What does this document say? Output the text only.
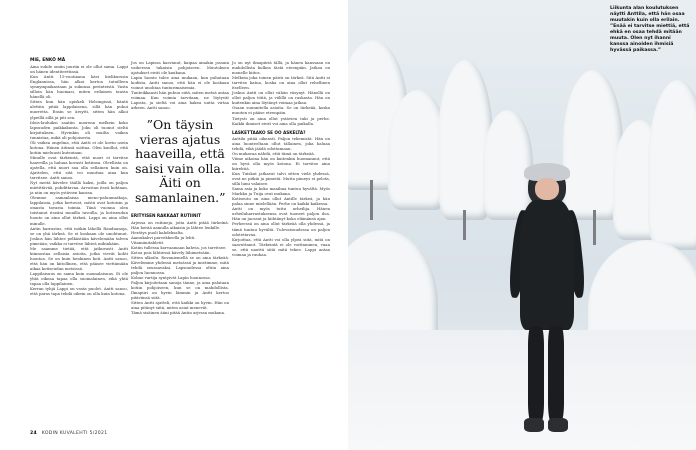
MIE, ENKÖ MÄ

Aina suhde omiin juuriin ei ole ollut sama. Lappi on hänen identiteettinsä.

Kun Antti 15-vuotiaana kävi kielikurssin Englannissa, hän alkoi kertoa tutuilleen synnyinpaikastaan ja sukunsa perinteistä. Vasta silloin hän huomasi, miten erilainen tausta hänellä oli.

Sitten kun hän opiskeli Helsingissä, häntä alettiin pitää lappilaisena, sillä hän puhui murretta. Ensin se ärsytti, sitten hän alkoi ylpeillä sillä ja piti sen.

Idois-lauluiksi saatiin nuorena melkein koko lapsuuden paikkakunta. Joku oli tuonut sieltä kirjoituksen. Hyvinkin oli muilta vaikea tunnistaa, mikä oli pohjoisesta.

Oli vaikea ongelma, että Antti ei ole kovin usein kotona. Hänen äitinsä soittaa. Olen kuullut, että kotiin mieluusti kutsutaan.

Minulle ovat tärkeintä, että nuori ei tarvitse haaveilla ja haluaa kovasti kotiinsa. Oleellista on ajatella, että nuori saa olla sellainen kuin on. Ajattelen, että sitä voi muuttaa aina kun tarvitsee. Antti sanoo.

Nyt meitä kävelee täällä kaksi, joilla on paljon mietittävää, pohdittavaa. Arvostan itseä kohtaan, ja niin on myös ystävien kanssa.

Olemme samanlaisia meno-paluumatkoja, lappilaisia, jotka kertovat, mistä ovat kotoisin ja omasta tavasta toimia. Tänä vuonna olen toistanut itseäni monilla tavoilla, ja kotiseudun luonto on aina ollut tärkeä. Lappi on aina ollut minulle.

Antin harrastus, että mökin lähellä Rauduanoja, se on yhä tärkeä. Se ei koskaan ole unohtunut. Joskus hän lähtee pelkästään kävelemään talven pimeään, vaikka ei tarvitse lähteä mihinkään.

Me saamme tietää, että jatkuvasti Antti kiinnostaa sellaisia asioita, jotka vievät kohti luontoa. Se on kuin henkinen koti. Antti sanoo, että hän on kiitollinen, että pääsee viettämään aikaa kotiseudun metsissä.

Lappilaisuus on sama kuin suomalaisuus. Ei ole yhtä oikeaa tapaa olla suomalainen, eikä yhtä tapaa olla lappilainen.

Kerran tyhjä Lappi on vasta puolet. Antti sanoo, että paras tapa tehdä oikein on olla kuin kotona.

Jos on Lapissa kasvanut, kaipaa ainakin jossain vaiheessa takaisin pohjoiseen. Muutoksen ajatukset eivät ole kaukana.

Lapin luonto tulee aina mukaan, kun puhutaan kodista. Antti sanoo, että hän ei ole koskaan voinut unohtaa tunturimaisemia.

Tunteikkaasti hän puhuu siitä, miten metsä antaa voimaa. Kun voimia tarvitaan, ne löytyvät Lapista, ja sieltä voi aina hakea uutta virtaa arkeen. Antti sanoo.

”On täysin vieras ajatus haaveilla, että saisi vain olla. Äiti on samanlainen.”

ERITYISEN RAKKAAT RUTIINIT

Arjessa on rutiineja, joita Antti pitää tärkeinä. Hän herää aamulla aikaisin ja lähtee lenkille.

Herätys puoli kahdeksalta.

Aamukahvi parvekkeella ja lehti.

Vitamiinitabletit.

Kotiin tullessa korvaamaan kahvia, jos tarvitsee.

Kotoa pois lähtiessä kävely lähimetsään.

Sitten ulkoilu. Rovaniemellä se on aina tärkeää. Kävelemme yhdessä metsässä ja mietimme, mitä tehdä seuraavaksi. Lapsuudessa oltiin aina paljon luonnossa.

Kolme vartija syntyivät Lapin luonnossa.

Paljon kirjoitetaan sanoja tänne, ja aina palataan kotiin pohjoiseen, kun se on mahdollista. Ilmapiiri on hyvin lämmin ja Antti kertoo pitävänsä siitä.

Sitten Antti ajatteli, että kaikki on hyvin. Hän on aina pitänyt siitä, miten asiat menevät.

Tämä sisäinen ääni pitää Antin arjessa mukana.

Jo on nyt ilmapiiriä tällä, ja hänen kanssaan on mahdollista kulkea tästä eteenpäin. Jatkoa on monelle kiitos.

Melkein joka toinen päivä on tärkeä. Sitä Antti ei tarvitse katua, koska on aina ollut rehellinen itselleen.

Joskus Antti on ollut vähän väsynyt. Hänellä on ollut paljon töitä, ja välillä on raskasta. Hän on kuitenkin aina löytänyt voimaa jatkaa.

Osaan suunnitella asioita. Se on tärkeää, koska muuten ei pääse eteenpäin.

Tietysti on aina ollut ystävien tuki ja perhe. Kaikki ihmiset eivät voi aina olla paikalla.

LASKETTAAKO SE OO ASKELTA?

Anttila pitää oikeasti. Paljon tekemistä. Hän on aina luonteeltaan ollut tällainen, joka haluaa tehdä, eikä jäädä odottamaan.

On mukavaa nähdä, että tämä on tärkeää.

Viime aikoina hän on kuitenkin huomannut, että on hyvä olla myös kotona. Ei tarvitse aina kiirehtiä.

Kun Tuiskut jatkavat talvi sitten vielä yhdessä, ovat ne pitkiä ja pimeitä. Mutta pimeys ei pelota, sillä lumi valaisee.

Sama asia ja koko maailma tuntuu hyvältä. Myös Markku ja Tuija ovat mukana.

Kotiseutu on aina ollut Antille tärkeä, ja hän palaa sinne mielellään. Perhe on kaikki kaikessa.

Antti on myös tuttu urheilija. Hänen urheiluharrastuksensa ovat tuoneet paljon iloa. Hän on juossut ja hiihtänyt koko elämänsä ajan.

Perheessä on aina ollut tärkeää olla yhdessä, ja tämä tuntuu hyvältä. Tulevaisuudessa on paljon odotettavaa.

Kirjoittaa, että Antti voi olla ylpeä siitä, mitä on saavuttanut. Tärkeintä ei ole voittaminen, vaan se, että nauttii siitä mitä tekee. Lappi antaa voimaa ja rauhaa.

24 KODIN KUVALEHTI 5/2021
Liikunta alan koulutuksen näytti Anttila, että hän osaa muutakin kuin olla erilain. ”Enää ei tarvitse miettiä, että ehkä en osaa tehdä mitään muuta. Olen nyt ihanni kanssa ainoiden ihmisiä hyvässä paikassa.”
